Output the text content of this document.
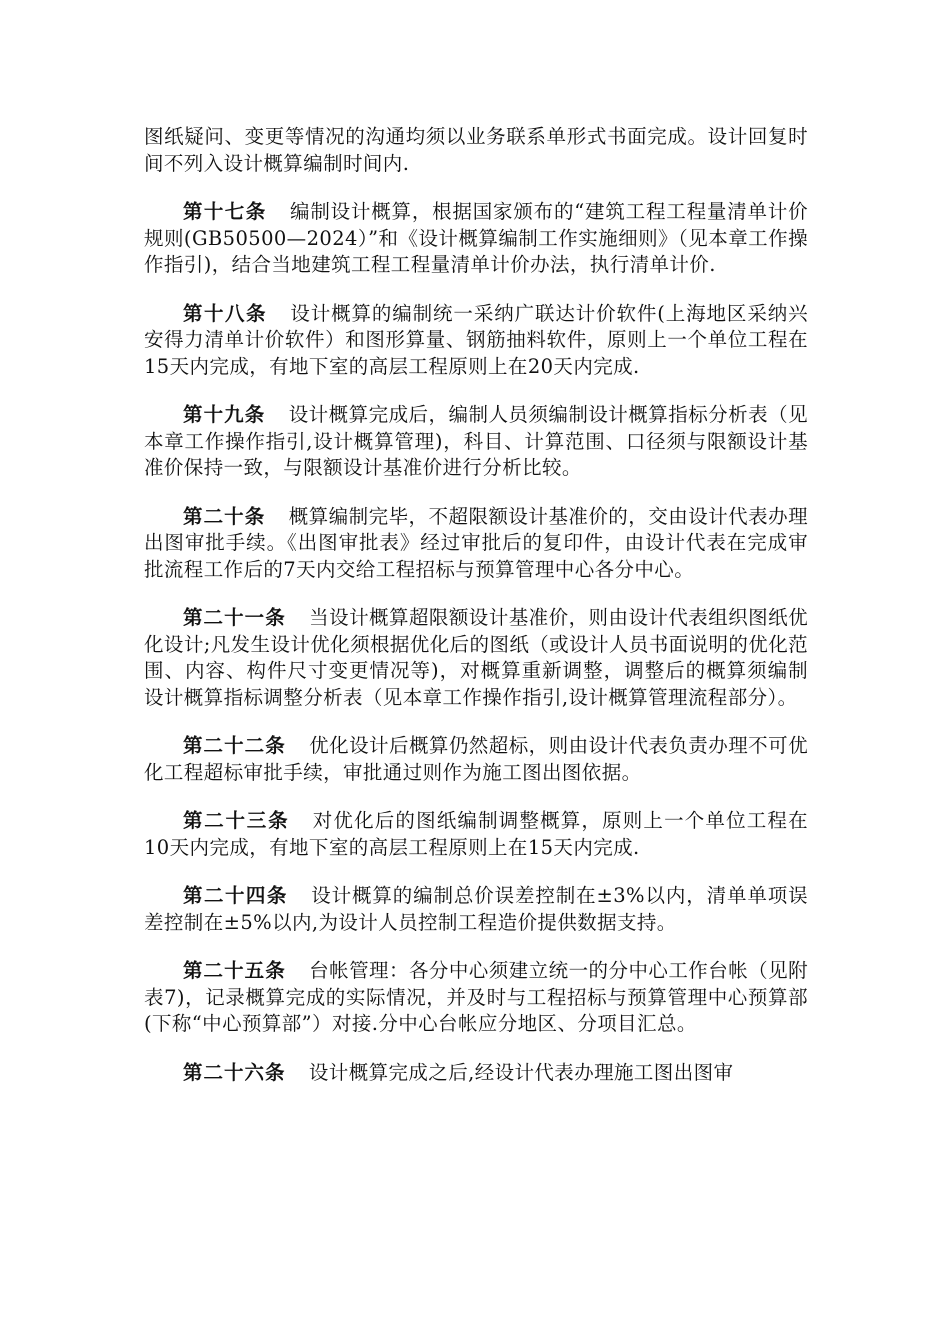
图纸疑问、变更等情况的沟通均须以业务联系单形式书面完成。设计回复时间不列入设计概算编制时间内.

第十七条 编制设计概算，根据国家颁布的“建筑工程工程量清单计价规则(GB50500—2024）”和《设计概算编制工作实施细则》（见本章工作操作指引)，结合当地建筑工程工程量清单计价办法，执行清单计价.

第十八条 设计概算的编制统一采纳广联达计价软件(上海地区采纳兴安得力清单计价软件）和图形算量、钢筋抽料软件，原则上一个单位工程在15天内完成，有地下室的高层工程原则上在20天内完成.

第十九条 设计概算完成后，编制人员须编制设计概算指标分析表（见本章工作操作指引,设计概算管理)，科目、计算范围、口径须与限额设计基准价保持一致，与限额设计基准价进行分析比较。

第二十条 概算编制完毕，不超限额设计基准价的，交由设计代表办理出图审批手续。《出图审批表》经过审批后的复印件，由设计代表在完成审批流程工作后的7天内交给工程招标与预算管理中心各分中心。

第二十一条 当设计概算超限额设计基准价，则由设计代表组织图纸优化设计;凡发生设计优化须根据优化后的图纸（或设计人员书面说明的优化范围、内容、构件尺寸变更情况等)，对概算重新调整，调整后的概算须编制设计概算指标调整分析表（见本章工作操作指引,设计概算管理流程部分）。

第二十二条 优化设计后概算仍然超标，则由设计代表负责办理不可优化工程超标审批手续，审批通过则作为施工图出图依据。

第二十三条 对优化后的图纸编制调整概算，原则上一个单位工程在10天内完成，有地下室的高层工程原则上在15天内完成.

第二十四条 设计概算的编制总价误差控制在±3%以内，清单单项误差控制在±5%以内,为设计人员控制工程造价提供数据支持。

第二十五条 台帐管理：各分中心须建立统一的分中心工作台帐（见附表7)，记录概算完成的实际情况，并及时与工程招标与预算管理中心预算部(下称“中心预算部”）对接.分中心台帐应分地区、分项目汇总。

第二十六条 设计概算完成之后,经设计代表办理施工图出图审
